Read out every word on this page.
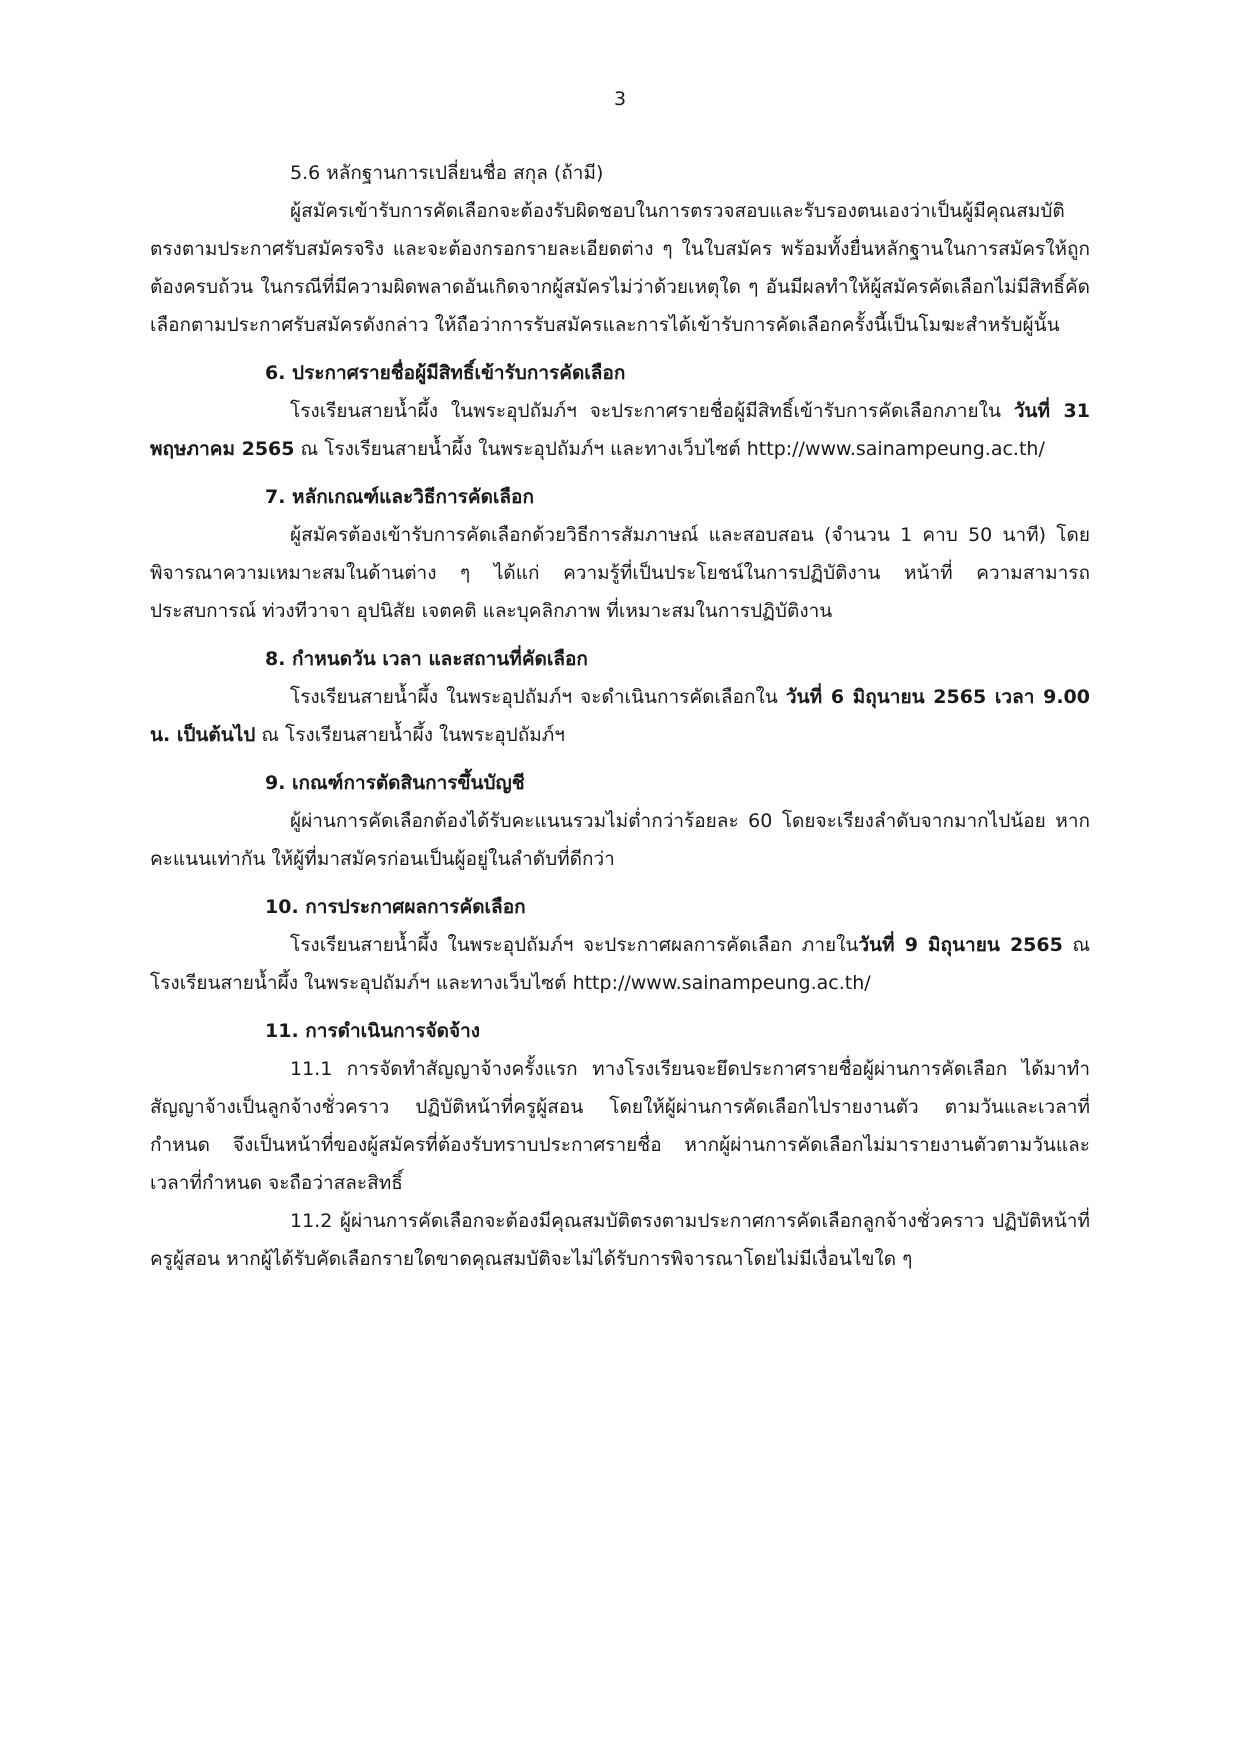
3

5.6 หลักฐานการเปลี่ยนชื่อ สกุล (ถ้ามี)

ผู้สมัครเข้ารับการคัดเลือกจะต้องรับผิดชอบในการตรวจสอบและรับรองตนเองว่าเป็นผู้มีคุณสมบัติตรงตามประกาศรับสมัครจริง และจะต้องกรอกรายละเอียดต่าง ๆ ในใบสมัคร พร้อมทั้งยื่นหลักฐานในการสมัครให้ถูกต้องครบถ้วน ในกรณีที่มีความผิดพลาดอันเกิดจากผู้สมัครไม่ว่าด้วยเหตุใด ๆ อันมีผลทำให้ผู้สมัครคัดเลือกไม่มีสิทธิ์คัดเลือกตามประกาศรับสมัครดังกล่าว ให้ถือว่าการรับสมัครและการได้เข้ารับการคัดเลือกครั้งนี้เป็นโมฆะสำหรับผู้นั้น

6. ประกาศรายชื่อผู้มีสิทธิ์เข้ารับการคัดเลือก

โรงเรียนสายน้ำผึ้ง ในพระอุปถัมภ์ฯ จะประกาศรายชื่อผู้มีสิทธิ์เข้ารับการคัดเลือกภายใน วันที่ 31 พฤษภาคม 2565 ณ โรงเรียนสายน้ำผึ้ง ในพระอุปถัมภ์ฯ และทางเว็บไซต์ http://www.sainampeung.ac.th/

7. หลักเกณฑ์และวิธีการคัดเลือก

ผู้สมัครต้องเข้ารับการคัดเลือกด้วยวิธีการสัมภาษณ์ และสอบสอน (จำนวน 1 คาบ 50 นาที) โดยพิจารณาความเหมาะสมในด้านต่าง ๆ ได้แก่ ความรู้ที่เป็นประโยชน์ในการปฏิบัติงาน หน้าที่ ความสามารถ ประสบการณ์ ท่วงทีวาจา อุปนิสัย เจตคติ และบุคลิกภาพ ที่เหมาะสมในการปฏิบัติงาน

8. กำหนดวัน เวลา และสถานที่คัดเลือก

โรงเรียนสายน้ำผึ้ง ในพระอุปถัมภ์ฯ จะดำเนินการคัดเลือกใน วันที่ 6 มิถุนายน 2565 เวลา 9.00 น. เป็นต้นไป ณ โรงเรียนสายน้ำผึ้ง ในพระอุปถัมภ์ฯ

9. เกณฑ์การตัดสินการขึ้นบัญชี

ผู้ผ่านการคัดเลือกต้องได้รับคะแนนรวมไม่ต่ำกว่าร้อยละ 60 โดยจะเรียงลำดับจากมากไปน้อย หากคะแนนเท่ากัน ให้ผู้ที่มาสมัครก่อนเป็นผู้อยู่ในลำดับที่ดีกว่า

10. การประกาศผลการคัดเลือก

โรงเรียนสายน้ำผึ้ง ในพระอุปถัมภ์ฯ จะประกาศผลการคัดเลือก ภายในวันที่ 9 มิถุนายน 2565 ณ โรงเรียนสายน้ำผึ้ง ในพระอุปถัมภ์ฯ และทางเว็บไซต์ http://www.sainampeung.ac.th/

11. การดำเนินการจัดจ้าง

11.1 การจัดทำสัญญาจ้างครั้งแรก ทางโรงเรียนจะยึดประกาศรายชื่อผู้ผ่านการคัดเลือก ได้มาทำสัญญาจ้างเป็นลูกจ้างชั่วคราว ปฏิบัติหน้าที่ครูผู้สอน โดยให้ผู้ผ่านการคัดเลือกไปรายงานตัว ตามวันและเวลาที่กำหนด จึงเป็นหน้าที่ของผู้สมัครที่ต้องรับทราบประกาศรายชื่อ หากผู้ผ่านการคัดเลือกไม่มารายงานตัวตามวันและเวลาที่กำหนด จะถือว่าสละสิทธิ์

11.2 ผู้ผ่านการคัดเลือกจะต้องมีคุณสมบัติตรงตามประกาศการคัดเลือกลูกจ้างชั่วคราว ปฏิบัติหน้าที่ครูผู้สอน หากผู้ได้รับคัดเลือกรายใดขาดคุณสมบัติจะไม่ได้รับการพิจารณาโดยไม่มีเงื่อนไขใด ๆ
